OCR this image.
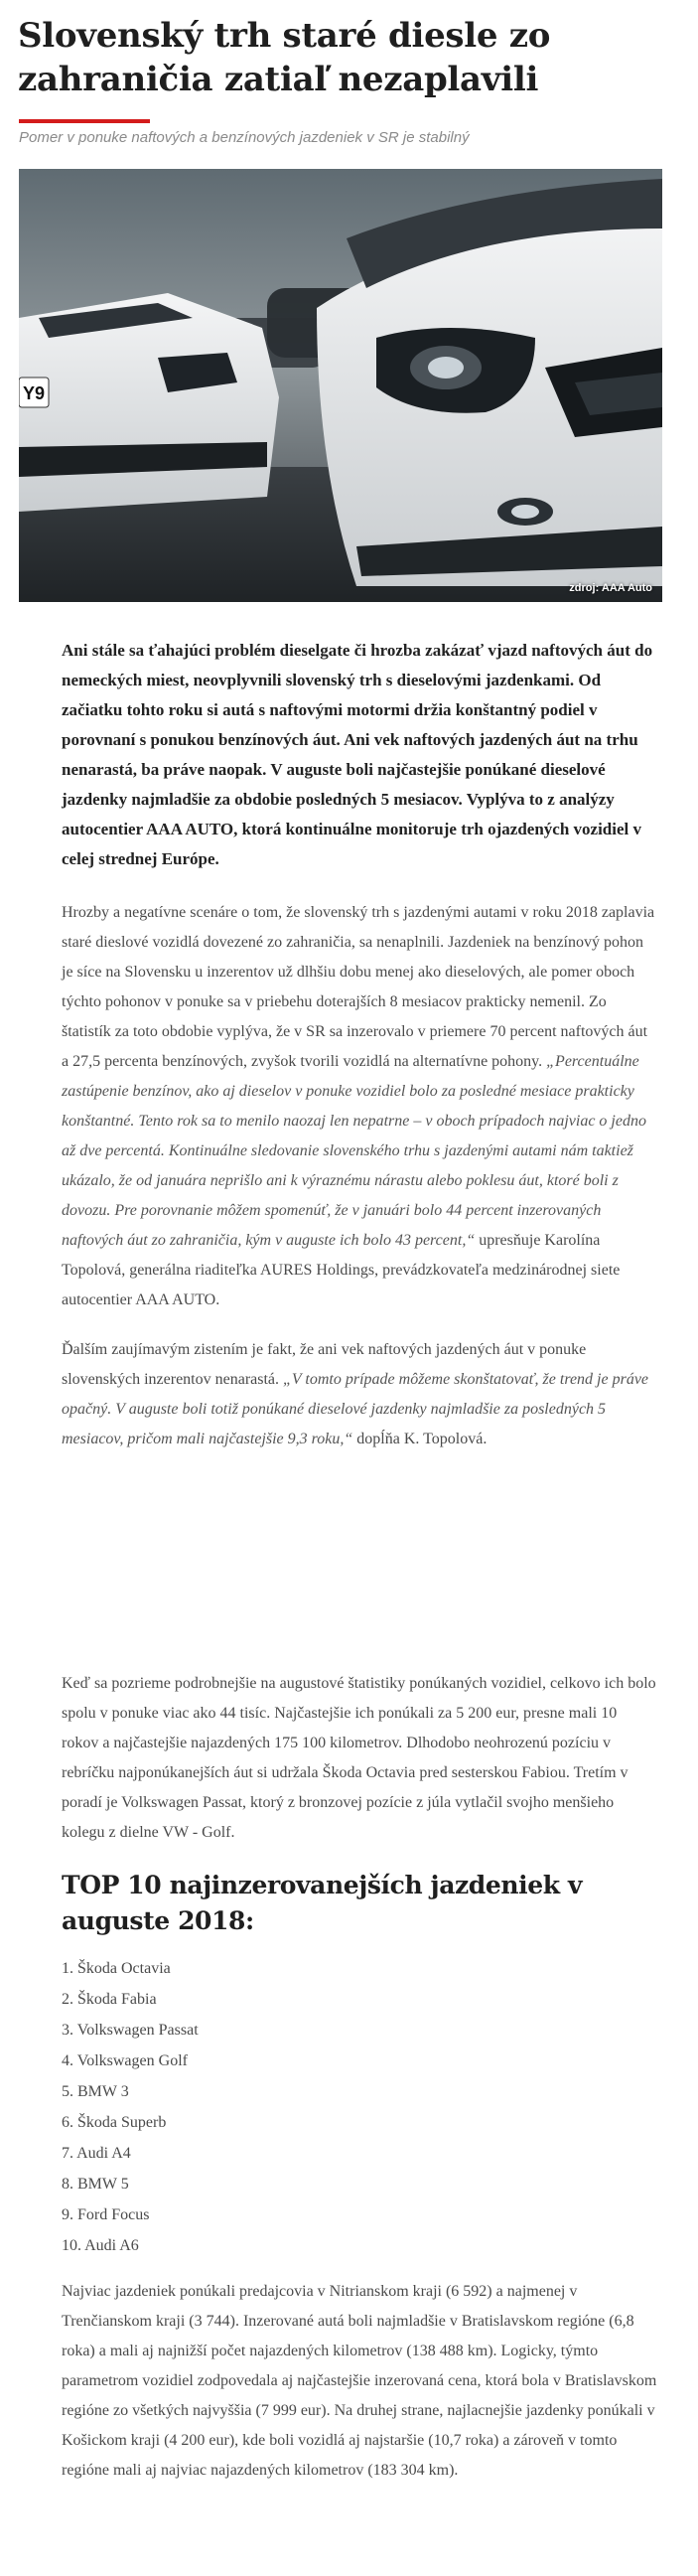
Slovenský trh staré diesle zo zahraničia zatiaľ nezaplavili
Pomer v ponuke naftových a benzínových jazdeniek v SR je stabilný
Y9
zdroj: AAA Auto

Ani stále sa ťahajúci problém dieselgate či hrozba zakázať vjazd naftových áut do nemeckých miest, neovplyvnili slovenský trh s dieselovými jazdenkami. Od začiatku tohto roku si autá s naftovými motormi držia konštantný podiel v porovnaní s ponukou benzínových áut. Ani vek naftových jazdených áut na trhu nenarastá, ba práve naopak. V auguste boli najčastejšie ponúkané dieselové jazdenky najmladšie za obdobie posledných 5 mesiacov. Vyplýva to z analýzy autocentier AAA AUTO, ktorá kontinuálne monitoruje trh ojazdených vozidiel v celej strednej Európe.

Hrozby a negatívne scenáre o tom, že slovenský trh s jazdenými autami v roku 2018 zaplavia staré dieslové vozidlá dovezené zo zahraničia, sa nenaplnili. Jazdeniek na benzínový pohon je síce na Slovensku u inzerentov už dlhšiu dobu menej ako dieselových, ale pomer oboch týchto pohonov v ponuke sa v priebehu doterajších 8 mesiacov prakticky nemenil. Zo štatistík za toto obdobie vyplýva, že v SR sa inzerovalo v priemere 70 percent naftových áut a 27,5 percenta benzínových, zvyšok tvorili vozidlá na alternatívne pohony. „Percentuálne zastúpenie benzínov, ako aj dieselov v ponuke vozidiel bolo za posledné mesiace prakticky konštantné. Tento rok sa to menilo naozaj len nepatrne – v oboch prípadoch najviac o jedno až dve percentá. Kontinuálne sledovanie slovenského trhu s jazdenými autami nám taktiež ukázalo, že od januára neprišlo ani k výraznému nárastu alebo poklesu áut, ktoré boli z dovozu. Pre porovnanie môžem spomenúť, že v januári bolo 44 percent inzerovaných naftových áut zo zahraničia, kým v auguste ich bolo 43 percent,“ upresňuje Karolína Topolová, generálna riaditeľka AURES Holdings, prevádzkovateľa medzinárodnej siete autocentier AAA AUTO.

Ďalším zaujímavým zistením je fakt, že ani vek naftových jazdených áut v ponuke slovenských inzerentov nenarastá. „V tomto prípade môžeme skonštatovať, že trend je práve opačný. V auguste boli totiž ponúkané dieselové jazdenky najmladšie za posledných 5 mesiacov, pričom mali najčastejšie 9,3 roku,“ dopĺňa K. Topolová.

Keď sa pozrieme podrobnejšie na augustové štatistiky ponúkaných vozidiel, celkovo ich bolo spolu v ponuke viac ako 44 tisíc. Najčastejšie ich ponúkali za 5 200 eur, presne mali 10 rokov a najčastejšie najazdených 175 100 kilometrov. Dlhodobo neohrozenú pozíciu v rebríčku najponúkanejších áut si udržala Škoda Octavia pred sesterskou Fabiou. Tretím v poradí je Volkswagen Passat, ktorý z bronzovej pozície z júla vytlačil svojho menšieho kolegu z dielne VW - Golf.

TOP 10 najinzerovanejších jazdeniek v auguste 2018:
1. Škoda Octavia
2. Škoda Fabia
3. Volkswagen Passat
4. Volkswagen Golf
5. BMW 3
6. Škoda Superb
7. Audi A4
8. BMW 5
9. Ford Focus
10. Audi A6

Najviac jazdeniek ponúkali predajcovia v Nitrianskom kraji (6 592) a najmenej v Trenčianskom kraji (3 744). Inzerované autá boli najmladšie v Bratislavskom regióne (6,8 roka) a mali aj najnižší počet najazdených kilometrov (138 488 km). Logicky, týmto parametrom vozidiel zodpovedala aj najčastejšie inzerovaná cena, ktorá bola v Bratislavskom regióne zo všetkých najvyššia (7 999 eur). Na druhej strane, najlacnejšie jazdenky ponúkali v Košickom kraji (4 200 eur), kde boli vozidlá aj najstaršie (10,7 roka) a zároveň v tomto regióne mali aj najviac najazdených kilometrov (183 304 km).
